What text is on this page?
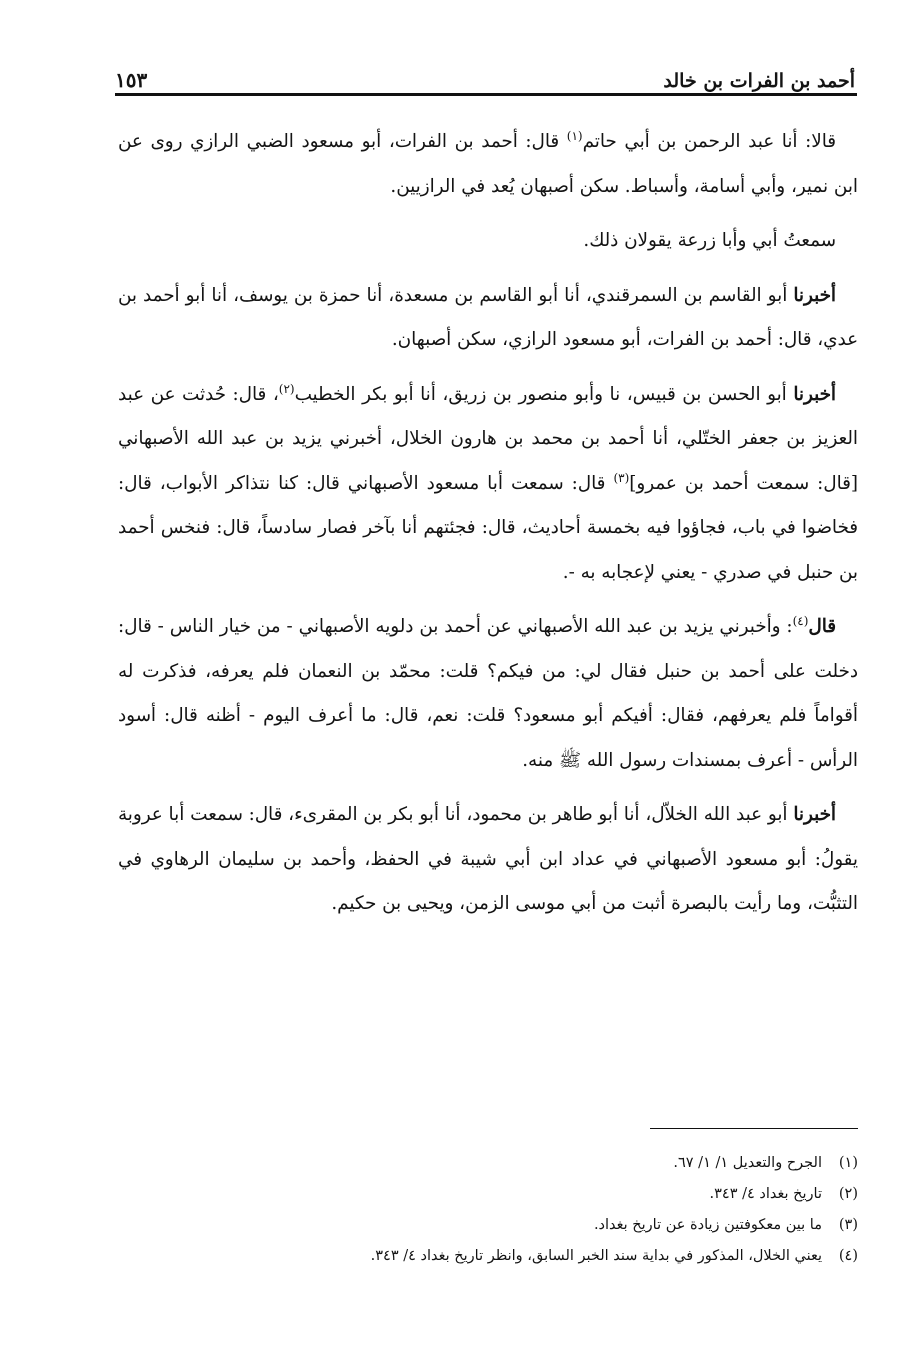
أحمد بن الفرات بن خالد
١٥٣

قالا: أنا عبد الرحمن بن أبي حاتم$^{(١)}$ قال: أحمد بن الفرات، أبو مسعود الضبي الرازي روى عن ابن نمير، وأبي أسامة، وأسباط. سكن أصبهان يُعد في الرازيين.

سمعتُ أبي وأبا زرعة يقولان ذلك.

أخبرنا أبو القاسم بن السمرقندي، أنا أبو القاسم بن مسعدة، أنا حمزة بن يوسف، أنا أبو أحمد بن عدي، قال: أحمد بن الفرات، أبو مسعود الرازي، سكن أصبهان.

أخبرنا أبو الحسن بن قبيس، نا وأبو منصور بن زريق، أنا أبو بكر الخطيب$^{(٢)}$، قال: حُدثت عن عبد العزيز بن جعفر الختّلي، أنا أحمد بن محمد بن هارون الخلال، أخبرني يزيد بن عبد الله الأصبهاني [قال: سمعت أحمد بن عمرو]$^{(٣)}$ قال: سمعت أبا مسعود الأصبهاني قال: كنا نتذاكر الأبواب، قال: فخاضوا في باب، فجاؤوا فيه بخمسة أحاديث، قال: فجئتهم أنا بآخر فصار سادساً، قال: فنخس أحمد بن حنبل في صدري - يعني لإعجابه به -.

قال$^{(٤)}$: وأخبرني يزيد بن عبد الله الأصبهاني عن أحمد بن دلويه الأصبهاني - من خيار الناس - قال: دخلت على أحمد بن حنبل فقال لي: من فيكم؟ قلت: محمّد بن النعمان فلم يعرفه، فذكرت له أقواماً فلم يعرفهم، فقال: أفيكم أبو مسعود؟ قلت: نعم، قال: ما أعرف اليوم - أظنه قال: أسود الرأس - أعرف بمسندات رسول الله ﷺ منه.

أخبرنا أبو عبد الله الخلاّل، أنا أبو طاهر بن محمود، أنا أبو بكر بن المقرىء، قال: سمعت أبا عروبة يقولُ: أبو مسعود الأصبهاني في عداد ابن أبي شيبة في الحفظ، وأحمد بن سليمان الرهاوي في التثبُّت، وما رأيت بالبصرة أثبت من أبي موسى الزمن، ويحيى بن حكيم.

(١)
الجرح والتعديل ١/ ١/ ٦٧.
(٢)
تاريخ بغداد ٤/ ٣٤٣.
(٣)
ما بين معكوفتين زيادة عن تاريخ بغداد.
(٤)
يعني الخلال، المذكور في بداية سند الخبر السابق، وانظر تاريخ بغداد ٤/ ٣٤٣.
